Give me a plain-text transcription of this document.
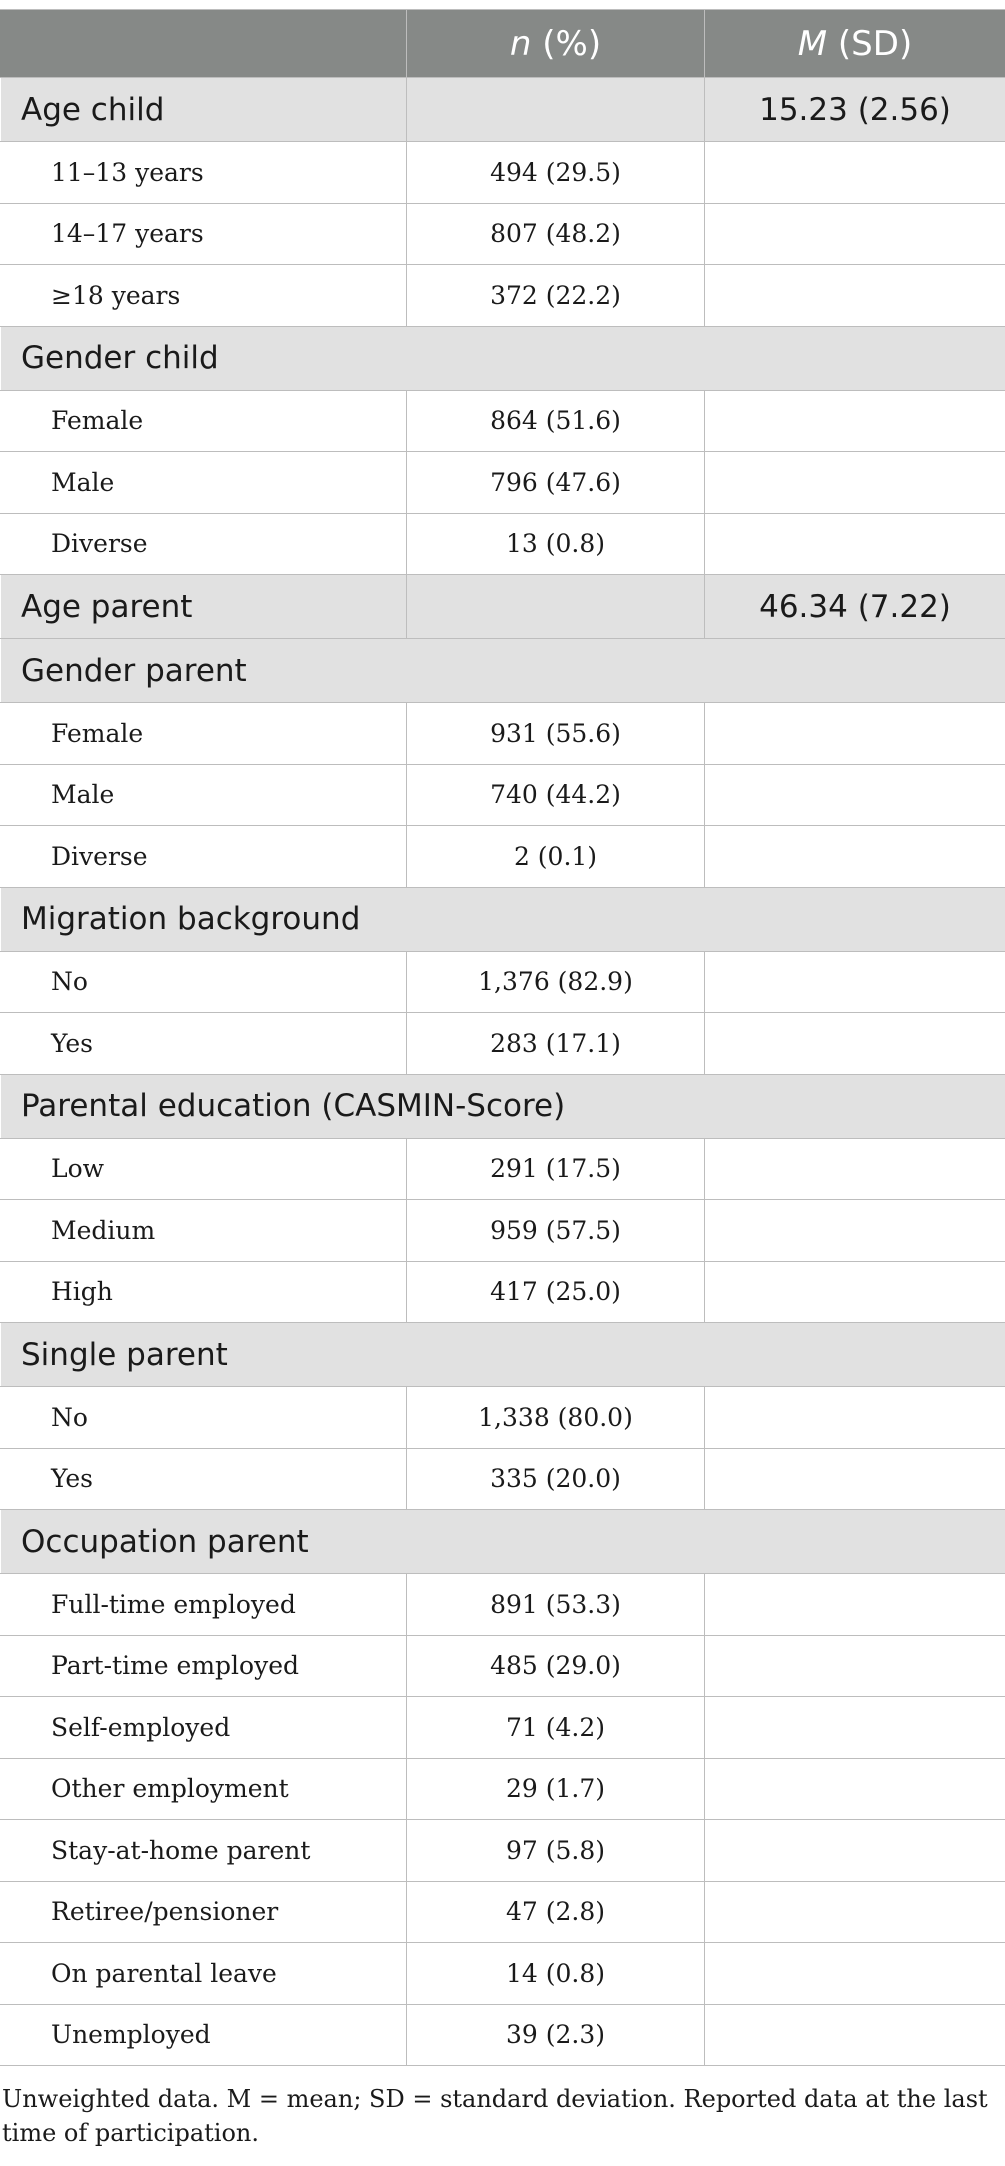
	n (%)	M (SD)
Age child		15.23 (2.56)
11–13 years	494 (29.5)	
14–17 years	807 (48.2)	
≥18 years	372 (22.2)	
Gender child		
Female	864 (51.6)	
Male	796 (47.6)	
Diverse	13 (0.8)	
Age parent		46.34 (7.22)
Gender parent		
Female	931 (55.6)	
Male	740 (44.2)	
Diverse	2 (0.1)	
Migration background		
No	1,376 (82.9)	
Yes	283 (17.1)	
Parental education (CASMIN-Score)		
Low	291 (17.5)	
Medium	959 (57.5)	
High	417 (25.0)	
Single parent		
No	1,338 (80.0)	
Yes	335 (20.0)	
Occupation parent		
Full-time employed	891 (53.3)	
Part-time employed	485 (29.0)	
Self-employed	71 (4.2)	
Other employment	29 (1.7)	
Stay-at-home parent	97 (5.8)	
Retiree/pensioner	47 (2.8)	
On parental leave	14 (0.8)	
Unemployed	39 (2.3)	

Unweighted data. M = mean; SD = standard deviation. Reported data at the last time of participation.
